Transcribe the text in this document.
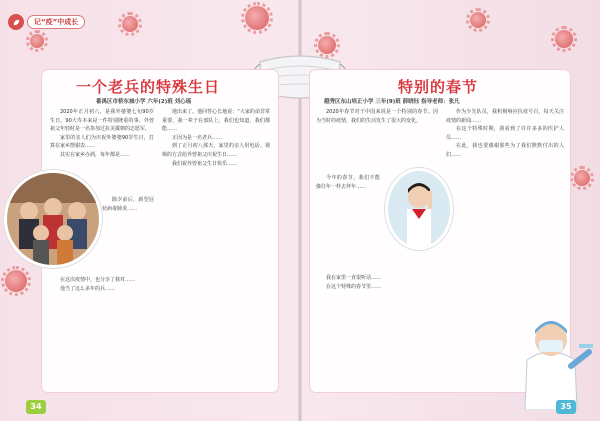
记“疫”中成长
一个老兵的特殊生日
番禺区市桥东城小学 六年(2)班 刘心瑶

2020年正月初八，是我外婆婆七旬90岁生日。90大寿本来是一件特别隆重的事，外曾祖父年轻时是一名参加过抗美援朝的志愿军。

家里的亲人们为庆祝外婆婆90岁生日，打算在家乡摆谢表……

其实在家乡办酒，每年都是……

除夕前后，新型冠状病毒肺炎……

在这次疫情中，也分享了我对……

他当了这么多年的兵……

地出来了。他回答心长地说：“大家的命非常重要，我一辈子在部队上，我们也知道，我们都能……

正因为是一名老兵……

到了正月初八那天，家里的亲人用电话、视频的方式给外曾祖父庆祝生日……

我们祝外曾祖父生日快乐……

34
特别的春节
越秀区东山培正小学 三年(9)班 薛晓钰 指导老师：张凡

2020年春节对于中国来说是一个特别的春节。因为当时的疫情，我们的生活发生了很大的变化。

今年的春节，我们不能像往年一样去拜年……

我在家里一直很听话……

在这个特殊的春节里……

作为少先队员，我积极响应抗疫号召，每天关注疫情的新闻……

在这个特殊时期，我看到了许许多多的医护人员……

在此，我也要感谢那些为了我们默默付出的人们……

35
